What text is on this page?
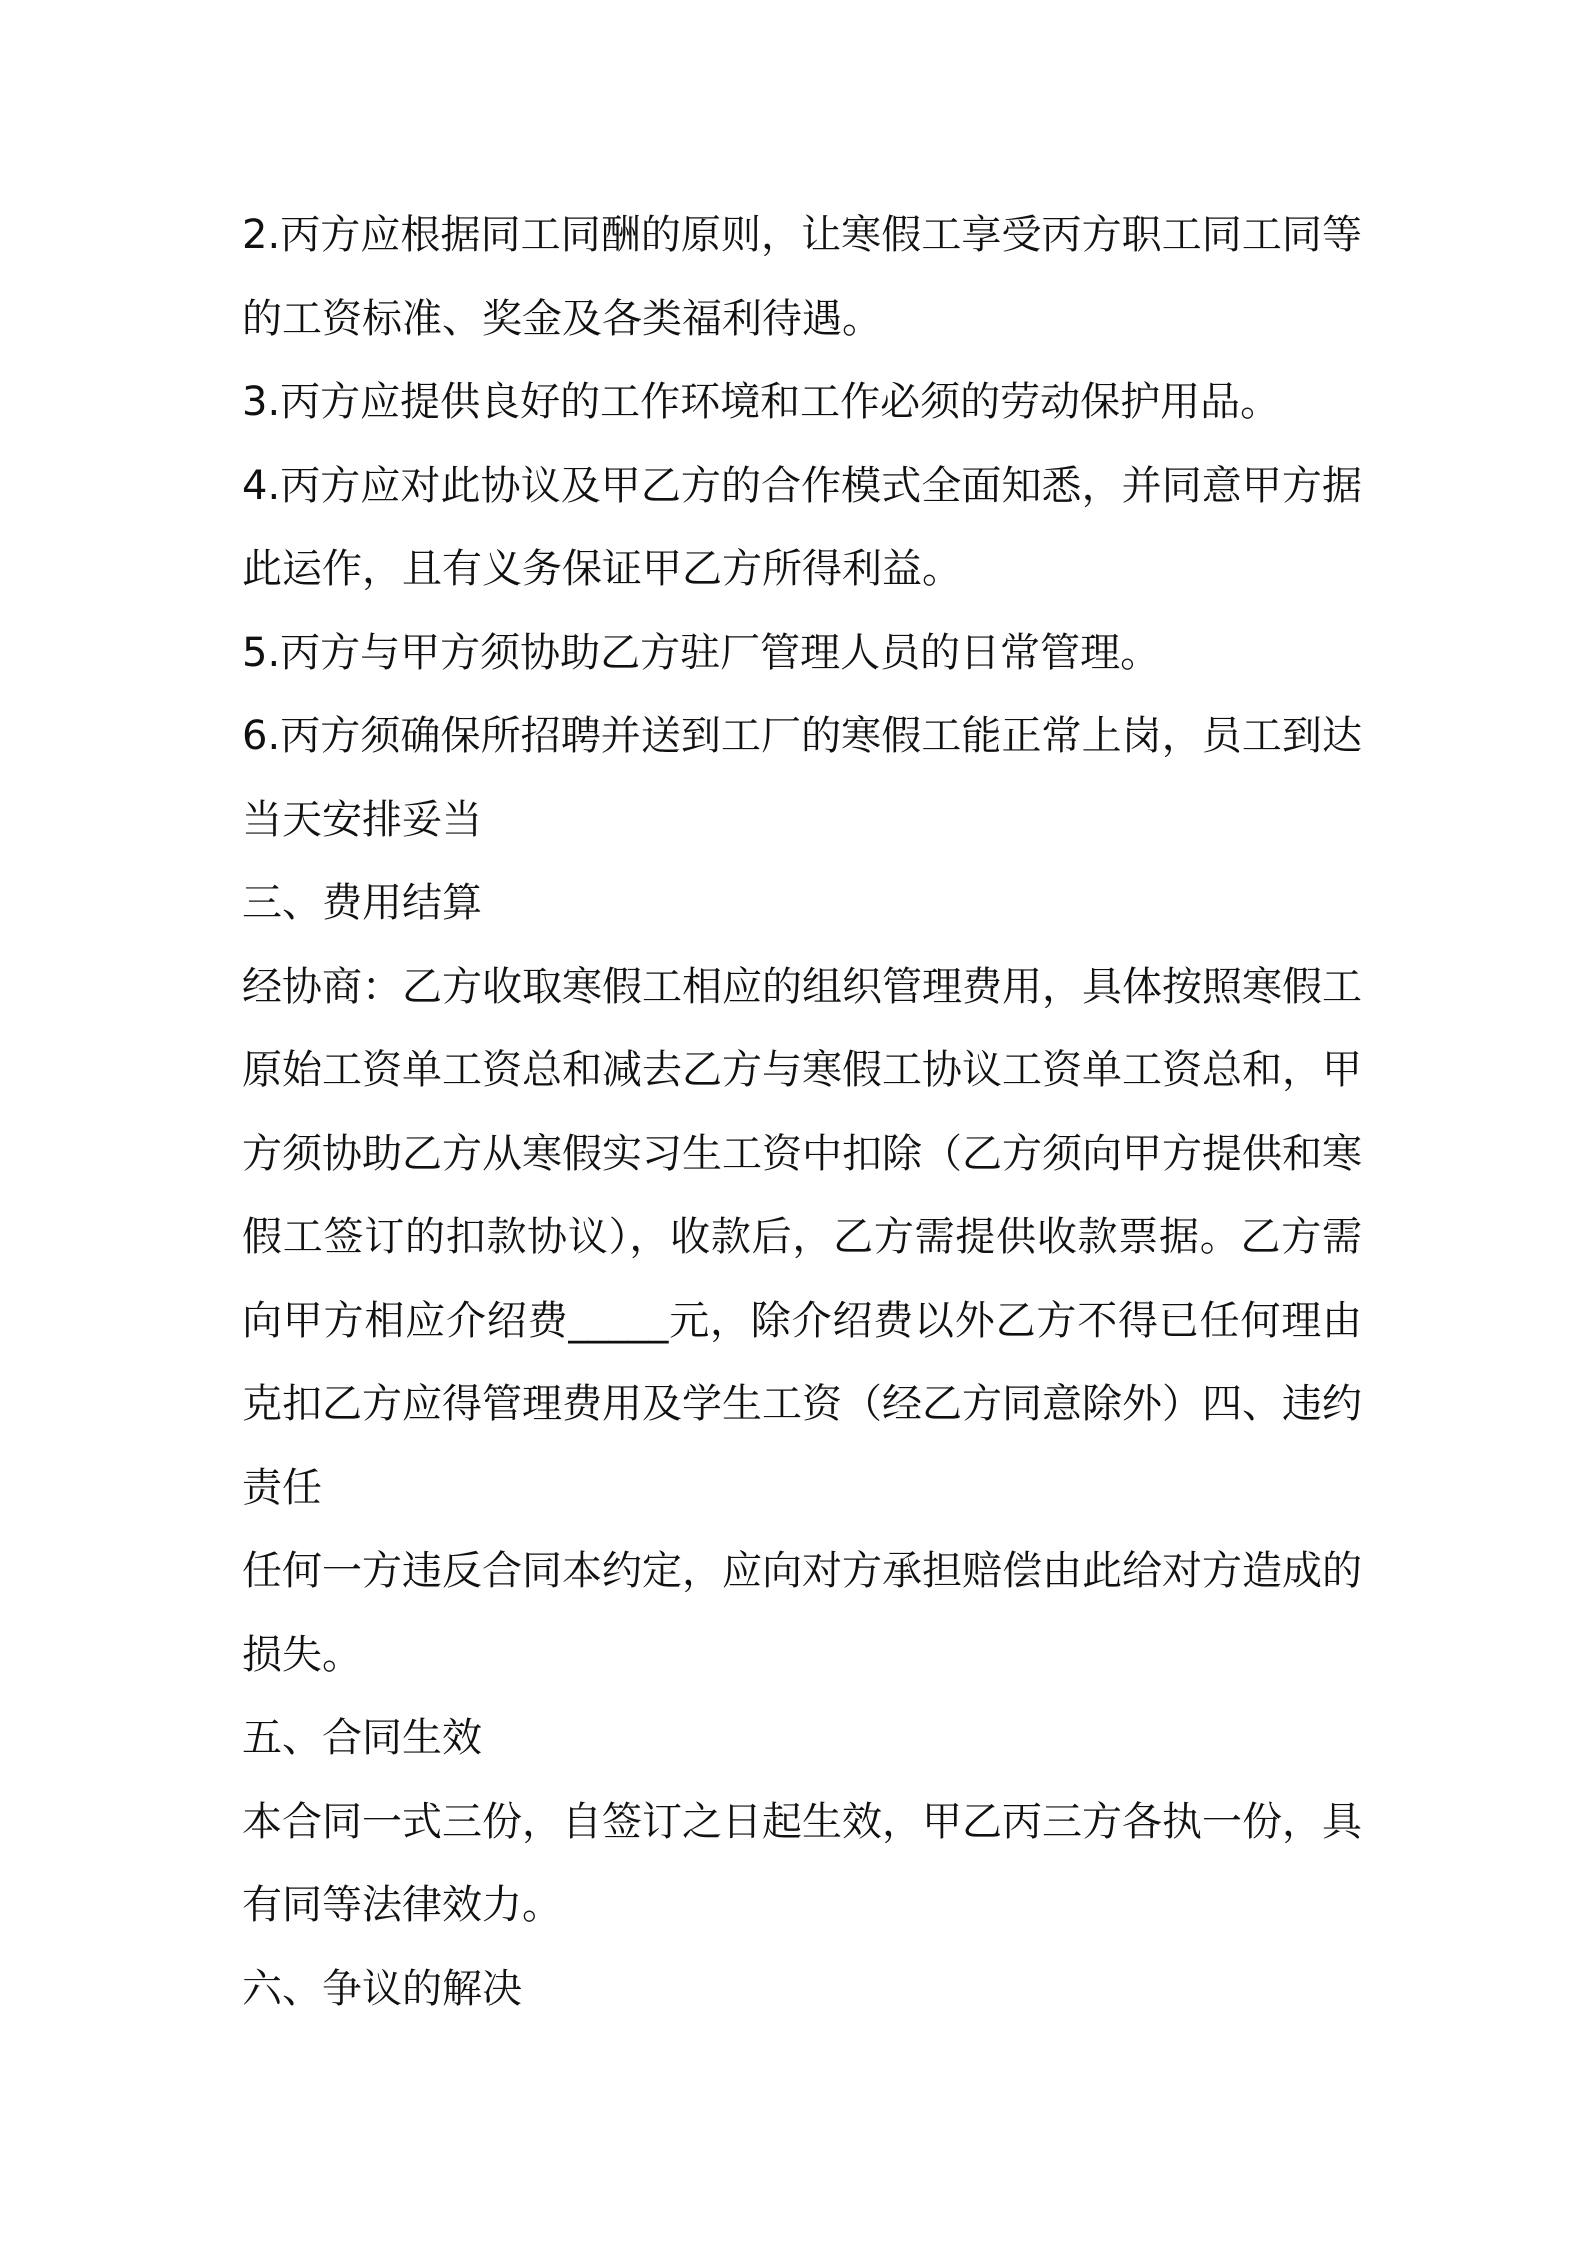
2.丙方应根据同工同酬的原则，让寒假工享受丙方职工同工同等
的工资标准、奖金及各类福利待遇。
3.丙方应提供良好的工作环境和工作必须的劳动保护用品。
4.丙方应对此协议及甲乙方的合作模式全面知悉，并同意甲方据
此运作，且有义务保证甲乙方所得利益。
5.丙方与甲方须协助乙方驻厂管理人员的日常管理。
6.丙方须确保所招聘并送到工厂的寒假工能正常上岗，员工到达
当天安排妥当
三、费用结算
经协商：乙方收取寒假工相应的组织管理费用，具体按照寒假工
原始工资单工资总和减去乙方与寒假工协议工资单工资总和，甲
方须协助乙方从寒假实习生工资中扣除（乙方须向甲方提供和寒
假工签订的扣款协议），收款后，乙方需提供收款票据。乙方需
向甲方相应介绍费_____元，除介绍费以外乙方不得已任何理由
克扣乙方应得管理费用及学生工资（经乙方同意除外）四、违约
责任
任何一方违反合同本约定，应向对方承担赔偿由此给对方造成的
损失。
五、合同生效
本合同一式三份，自签订之日起生效，甲乙丙三方各执一份，具
有同等法律效力。
六、争议的解决
